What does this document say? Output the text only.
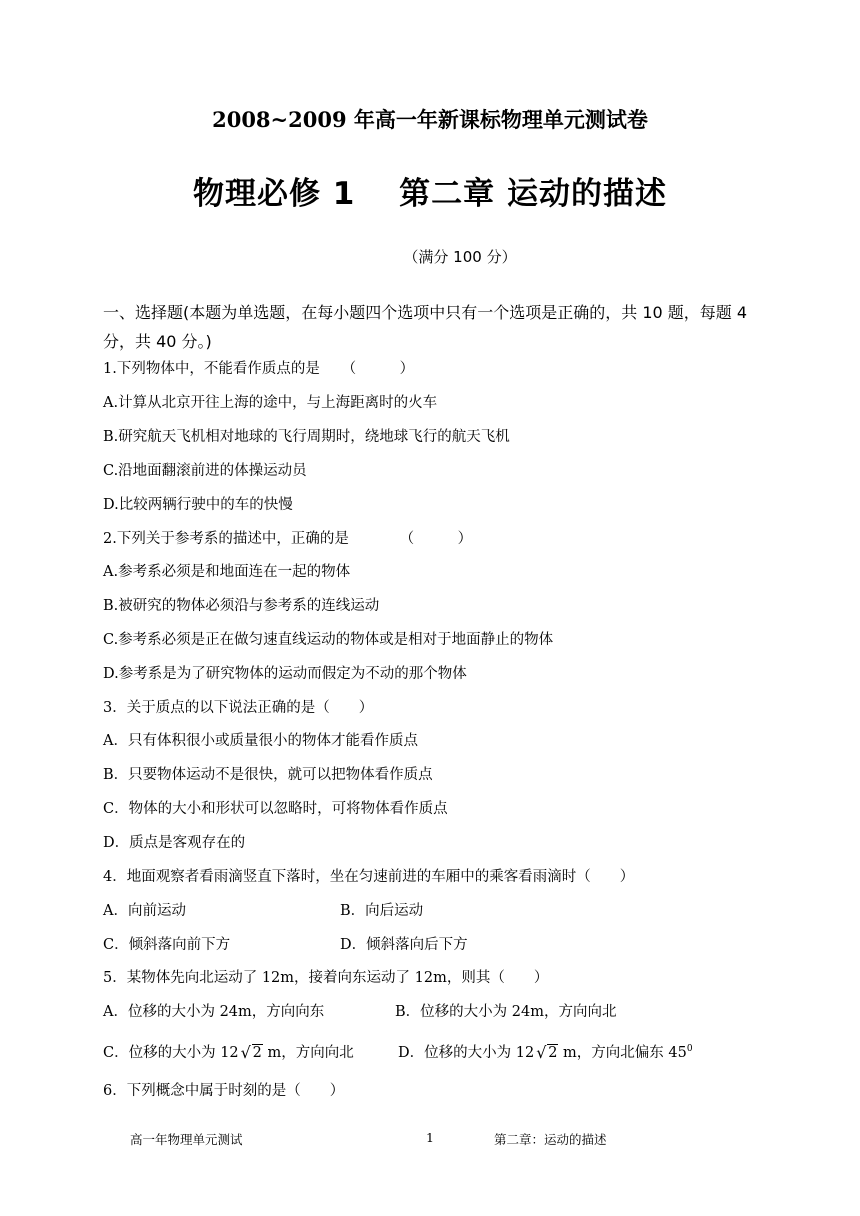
2008~2009 年高一年新课标物理单元测试卷
物理必修 1　 第二章 运动的描述
（满分 100 分）
一、选择题(本题为单选题，在每小题四个选项中只有一个选项是正确的，共 10 题，每题 4 分，共 40 分。)
1.下列物体中，不能看作质点的是　　（　　　）
A.计算从北京开往上海的途中，与上海距离时的火车
B.研究航天飞机相对地球的飞行周期时，绕地球飞行的航天飞机
C.沿地面翻滚前进的体操运动员
D.比较两辆行驶中的车的快慢
2.下列关于参考系的描述中，正确的是　　　　（　　　）
A.参考系必须是和地面连在一起的物体
B.被研究的物体必须沿与参考系的连线运动
C.参考系必须是正在做匀速直线运动的物体或是相对于地面静止的物体
D.参考系是为了研究物体的运动而假定为不动的那个物体
3．关于质点的以下说法正确的是（　　）
A．只有体积很小或质量很小的物体才能看作质点
B．只要物体运动不是很快，就可以把物体看作质点
C．物体的大小和形状可以忽略时，可将物体看作质点
D．质点是客观存在的
4．地面观察者看雨滴竖直下落时，坐在匀速前进的车厢中的乘客看雨滴时（　　）
A．向前运动	B．向后运动
C．倾斜落向前下方	D．倾斜落向后下方
5．某物体先向北运动了 12m，接着向东运动了 12m，则其（　　）
A．位移的大小为 24m，方向向东	B．位移的大小为 24m，方向向北
C．位移的大小为 12 √ 2 m，方向向北	D．位移的大小为 12 √ 2 m，方向北偏东 $45^0$
6．下列概念中属于时刻的是（　　）
高一年物理单元测试	1	第二章：运动的描述
